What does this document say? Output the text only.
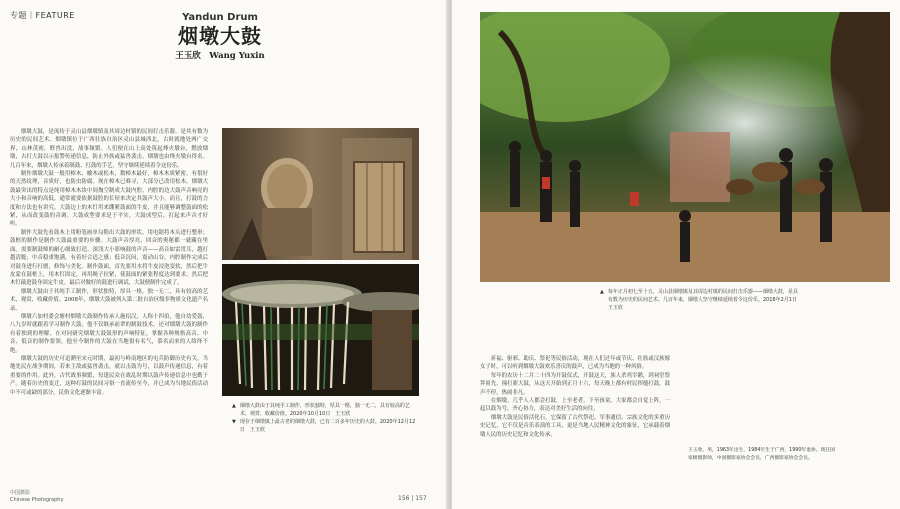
专题｜FEATURE	Yandun Drum
烟墩大鼓
王玉欣　Wang Yuxin

烟墩大鼓，是流传于灵山县烟墩镇及其周边村镇的民间打击乐器。是其有数为历史的民间艺术。烟墩镇位于广西壮族自治区灵山县城西北，古时就地处两广交界，山林茂密，野兽出没，战事频繁。人们便在山上高处筑起烽火墩台，燃放烟墩，古打大鼓以示报警传递信息，防止外族或猛兽袭击。烟墩也由烽火墩台得名。几百年来，烟墩人传承着制鼓、打鼓的手艺，坚守继续延续着令这份乐。

制作烟墩大鼓一般用樟木、榆木或松木，数樟木最好，樟木木质紧密，有很好的天然纹理，音质好，也防虫防腐。现在樟木已难寻，大部分已改用松木。烟墩大鼓最突出的特点是纯用樟木木块中间掏空制成大鼓内腔，内腔的边大鼓声音响亮的大小和音响的高低。通常就要依据鼓腔的长短来决定其鼓声大小，而且，打鼓的力度和方法也有讲究。大鼓边上的木钉用来绷紧鼓面的牛皮，并且能够调整鼓面的松紧，从而改变鼓的音调。大鼓成型要求是于平实，大鼓成型后，打起来声音才好听。

制作大鼓先看鼓木上用粉笔画单勾勒出大鼓的形状。用电锯将木头进行整形；鼓框的制作是制作大鼓最重要的步骤。大鼓声音厚亮、回音的奥秘都一就藏在里面。需要制鼓师的耐心细致打造。深浅大小影响鼓的声音——高音如雷贯耳，越打越清脆；中音稳重饱满，有着好合适之感；低音沉闷，震动山谷。内腔制作完成后对鼓身进行打磨，修饰与美化。制作鼓面，首先要用水将牛皮浸泡变软，然后把牛皮蒙在鼓框上，用木钉固定，再用绳子拉紧，使鼓面的紧张程度达到要求，然后把木钉敲进鼓身固定牛皮。最后对做好的鼓进行调试，大鼓便制作完成了。

烟墩大鼓由于其纯手工制作，形状独特，厚具一格，独一无二，具有较高的艺术、观赏、收藏价值。2008年，烟墩大鼓被列入第二批自治区级非物质文化遗产名录。

烟墩六加村委会塘村烟墩大鼓制作传承人施绍汉，人称十四伯，他自幼爱鼓，八九岁时就跟着学习制作大鼓，他不仅继承前辈的制鼓技术，还对烟墩大鼓的制作有着独到的理解。在对同研究烟墩大鼓鼓形的声响特征，掌握各种规格高音、中音、低音的制作要领。他至今制作的大鼓在当地很有名气，慕名而来的人络绎不绝。

烟墩大鼓的历史可追溯至宋元时期，最初与岭南地区的屯兵防御历史有关。当地先民在战争期间，若来主敌或猛兽袭击，就以击鼓为号，以鼓声传递信息，有着重要的作用。此外，古代战事频繁，每逢民众在战乱时期以鼓声传递信息中也勤于产。随着历史的变迁，这种打鼓的民间习俗一直流传至今，并已成为当地民俗活动中不可或缺的部分，民俗文化逐渐丰富。

▲ 烟墩大鼓由于其纯手工制作，形状独特，厚具一格，独一无二，具有较高的艺术、观赏、收藏价值。2020年10月10日　王玉欣
▼ 现存于烟墩镇上最古老的烟墩大鼓，已有二百多年历史的大鼓。2020年12月12日　王玉欣
中国摄影
Chinese Photography	156 | 157
▲ 每年正月初七至十五，灵山县烟墩镇及其周边村镇的民间打击乐器——烟墩大鼓，是具有数为历史的民间艺术。几百年来，烟墩人坚守继续延续着令这份乐。2018年2月1日　王玉欣

祈福、驱邪、助庆、祭祀等民俗活动，现在人们过年或节庆、壮族或汉族嫁女子时，可以听到烟墩大鼓欢乐喜庆的鼓声，已成为当地的一种风俗。

每年的农历十二月二十四为开鼓仪式，开鼓这天，族人杀鸡宰鹅，到祠堂祭拜祖先，撞打新大鼓，从这天开始到正月十六，每天晚上都有村民挥槌打鼓，鼓声不停，热闹非凡。

在烟墩，几乎人人都会打鼓，上至老者，下至孩童，大家都会自觉上阵，一起以鼓为号，齐心协力，表达对美好生活的向往。

烟墩大鼓是民俗活化石，它保留了古代祭祀、军事通信、宗族文化的多重历史记忆，它不仅是音乐表演的工具，更是当地人民精神文化的象征，它承载着烟墩人民的历史记忆和文化传承。

王玉欣，男，1963年出生，1984年生于广西，1990年退休。现任国家级摄影师，中国摄影家协会会员，广西摄影家协会会员。
